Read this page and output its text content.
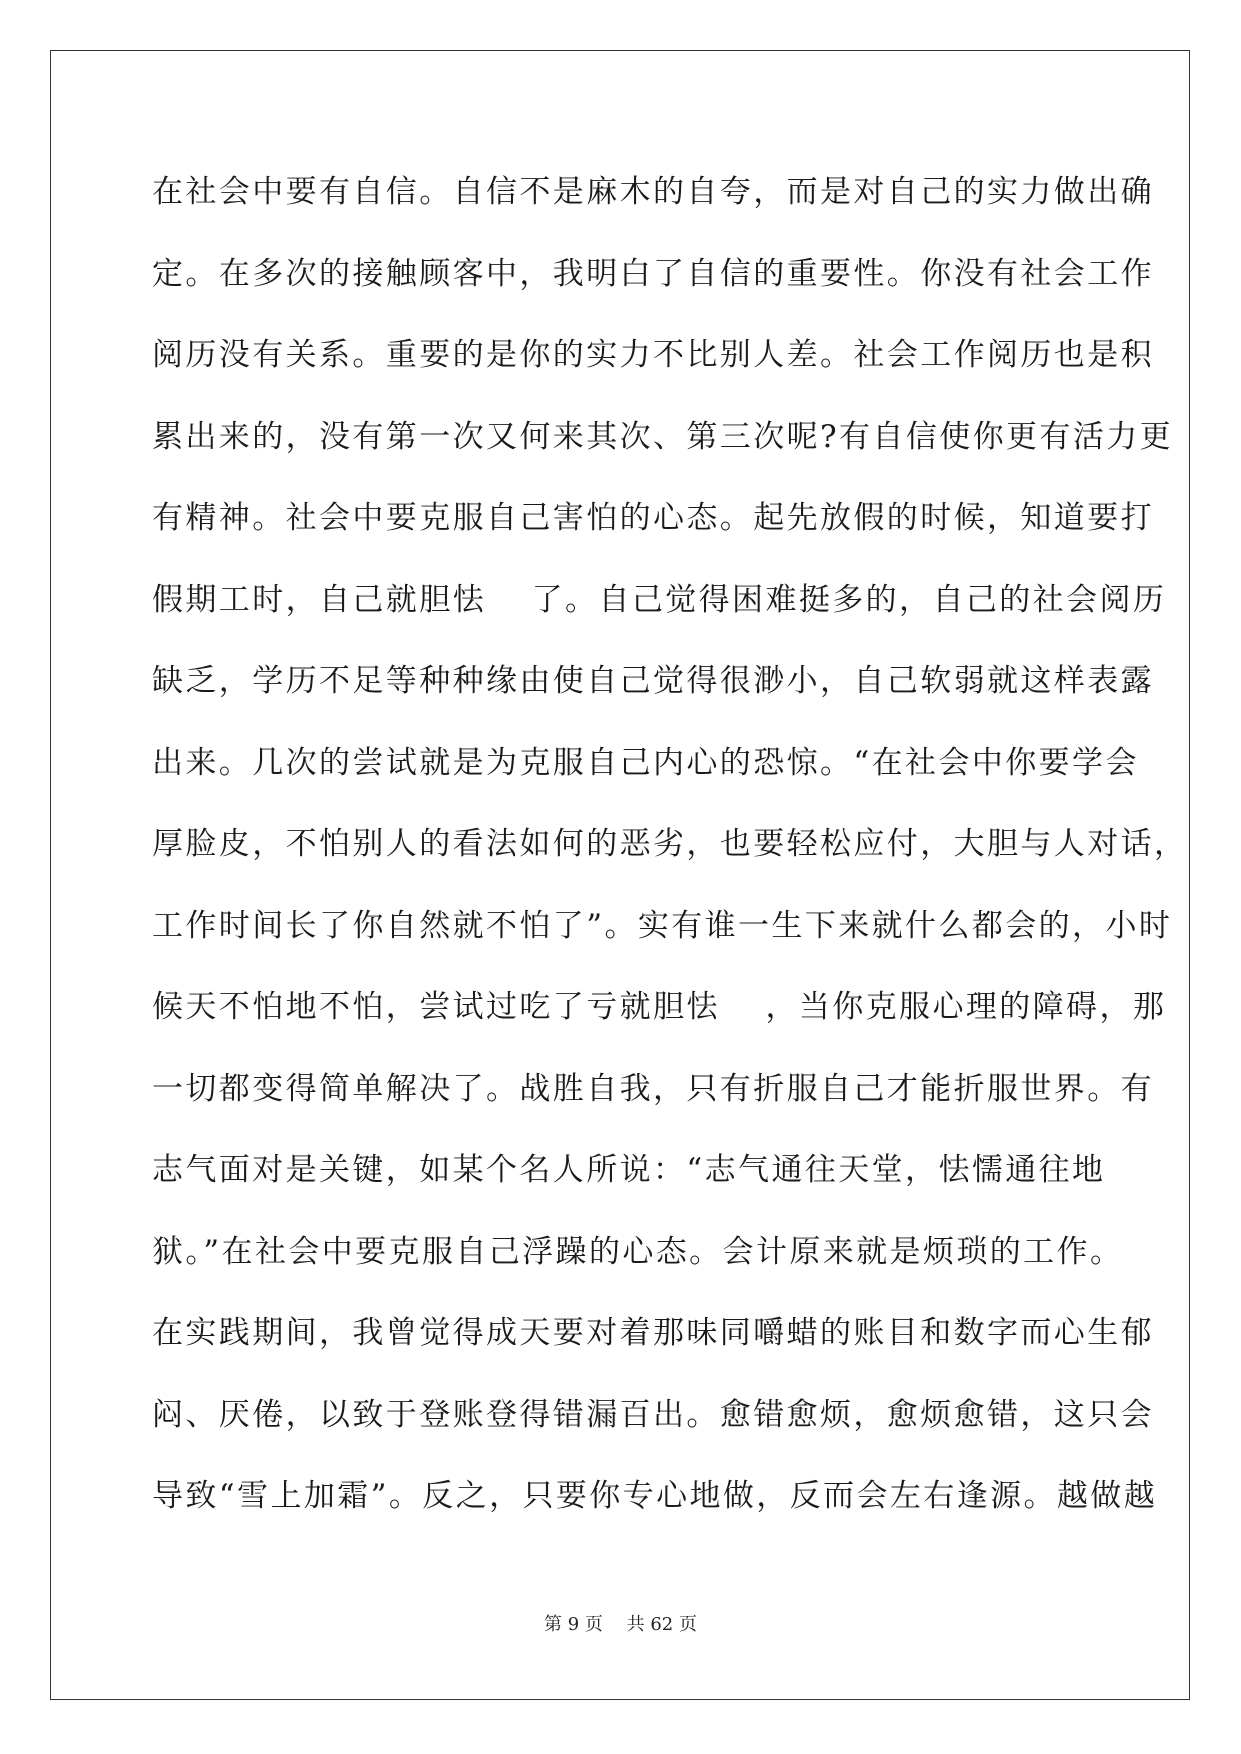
在社会中要有自信。自信不是麻木的自夸，而是对自己的实力做出确

定。在多次的接触顾客中，我明白了自信的重要性。你没有社会工作

阅历没有关系。重要的是你的实力不比别人差。社会工作阅历也是积

累出来的，没有第一次又何来其次、第三次呢?有自信使你更有活力更

有精神。社会中要克服自己害怕的心态。起先放假的时候，知道要打

假期工时，自己就胆怯　 了。自己觉得困难挺多的，自己的社会阅历

缺乏，学历不足等种种缘由使自己觉得很渺小，自己软弱就这样表露

出来。几次的尝试就是为克服自己内心的恐惊。“在社会中你要学会

厚脸皮，不怕别人的看法如何的恶劣，也要轻松应付，大胆与人对话，

工作时间长了你自然就不怕了”。实有谁一生下来就什么都会的，小时

候天不怕地不怕，尝试过吃了亏就胆怯　 ，当你克服心理的障碍，那

一切都变得简单解决了。战胜自我，只有折服自己才能折服世界。有

志气面对是关键，如某个名人所说：“志气通往天堂，怯懦通往地

狱。”在社会中要克服自己浮躁的心态。会计原来就是烦琐的工作。

在实践期间，我曾觉得成天要对着那味同嚼蜡的账目和数字而心生郁

闷、厌倦，以致于登账登得错漏百出。愈错愈烦，愈烦愈错，这只会

导致“雪上加霜”。反之，只要你专心地做，反而会左右逢源。越做越

第 9 页　 共 62 页
